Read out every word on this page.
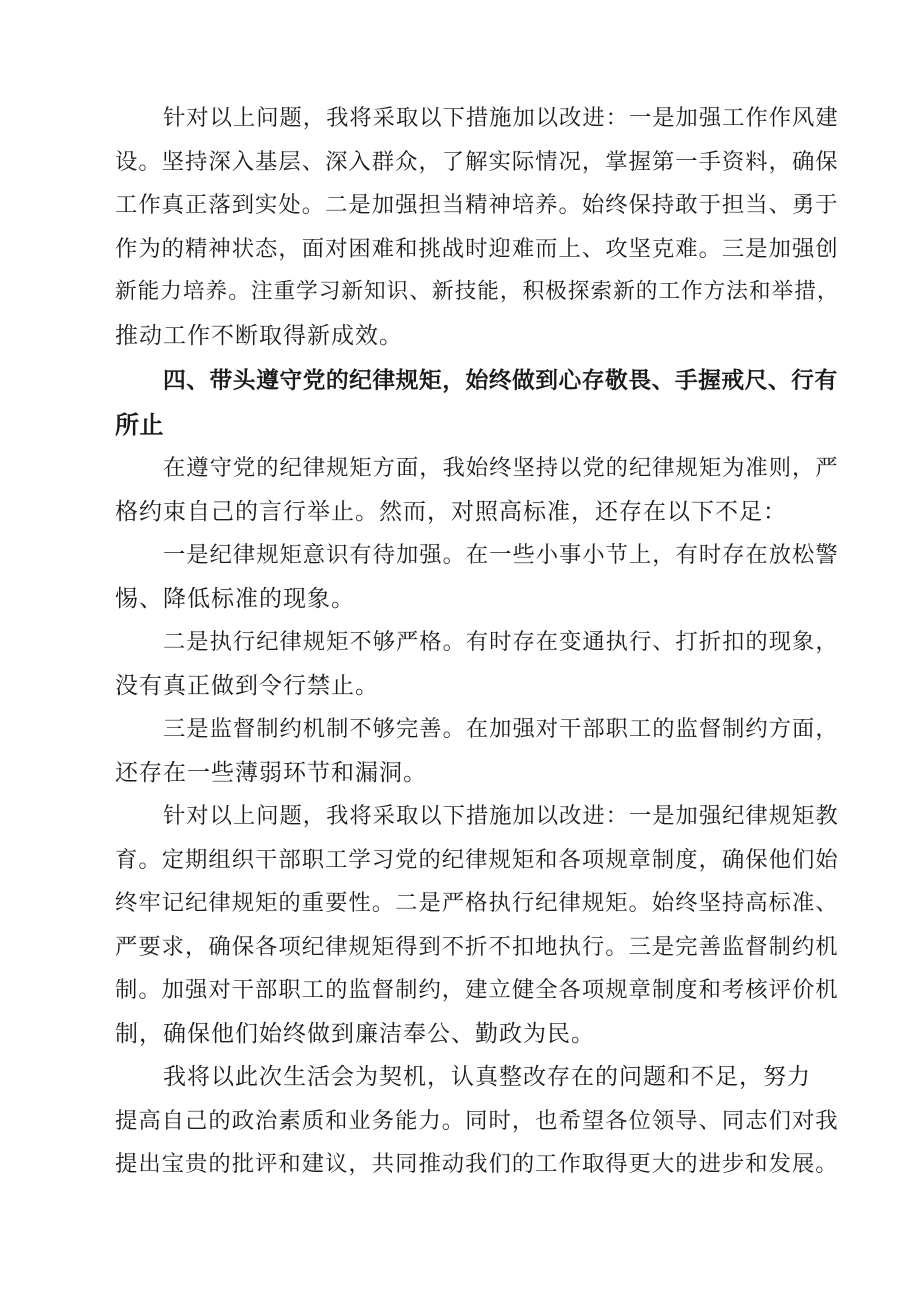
针对以上问题，我将采取以下措施加以改进：一是加强工作作风建
设。坚持深入基层、深入群众，了解实际情况，掌握第一手资料，确保
工作真正落到实处。二是加强担当精神培养。始终保持敢于担当、勇于
作为的精神状态，面对困难和挑战时迎难而上、攻坚克难。三是加强创
新能力培养。注重学习新知识、新技能，积极探索新的工作方法和举措，
推动工作不断取得新成效。
四、带头遵守党的纪律规矩，始终做到心存敬畏、手握戒尺、行有
所止
在遵守党的纪律规矩方面，我始终坚持以党的纪律规矩为准则，严
格约束自己的言行举止。然而，对照高标准，还存在以下不足：
一是纪律规矩意识有待加强。在一些小事小节上，有时存在放松警
惕、降低标准的现象。
二是执行纪律规矩不够严格。有时存在变通执行、打折扣的现象，
没有真正做到令行禁止。
三是监督制约机制不够完善。在加强对干部职工的监督制约方面，
还存在一些薄弱环节和漏洞。
针对以上问题，我将采取以下措施加以改进：一是加强纪律规矩教
育。定期组织干部职工学习党的纪律规矩和各项规章制度，确保他们始
终牢记纪律规矩的重要性。二是严格执行纪律规矩。始终坚持高标准、
严要求，确保各项纪律规矩得到不折不扣地执行。三是完善监督制约机
制。加强对干部职工的监督制约，建立健全各项规章制度和考核评价机
制，确保他们始终做到廉洁奉公、勤政为民。
我将以此次生活会为契机，认真整改存在的问题和不足，努力
提高自己的政治素质和业务能力。同时，也希望各位领导、同志们对我
提出宝贵的批评和建议，共同推动我们的工作取得更大的进步和发展。
